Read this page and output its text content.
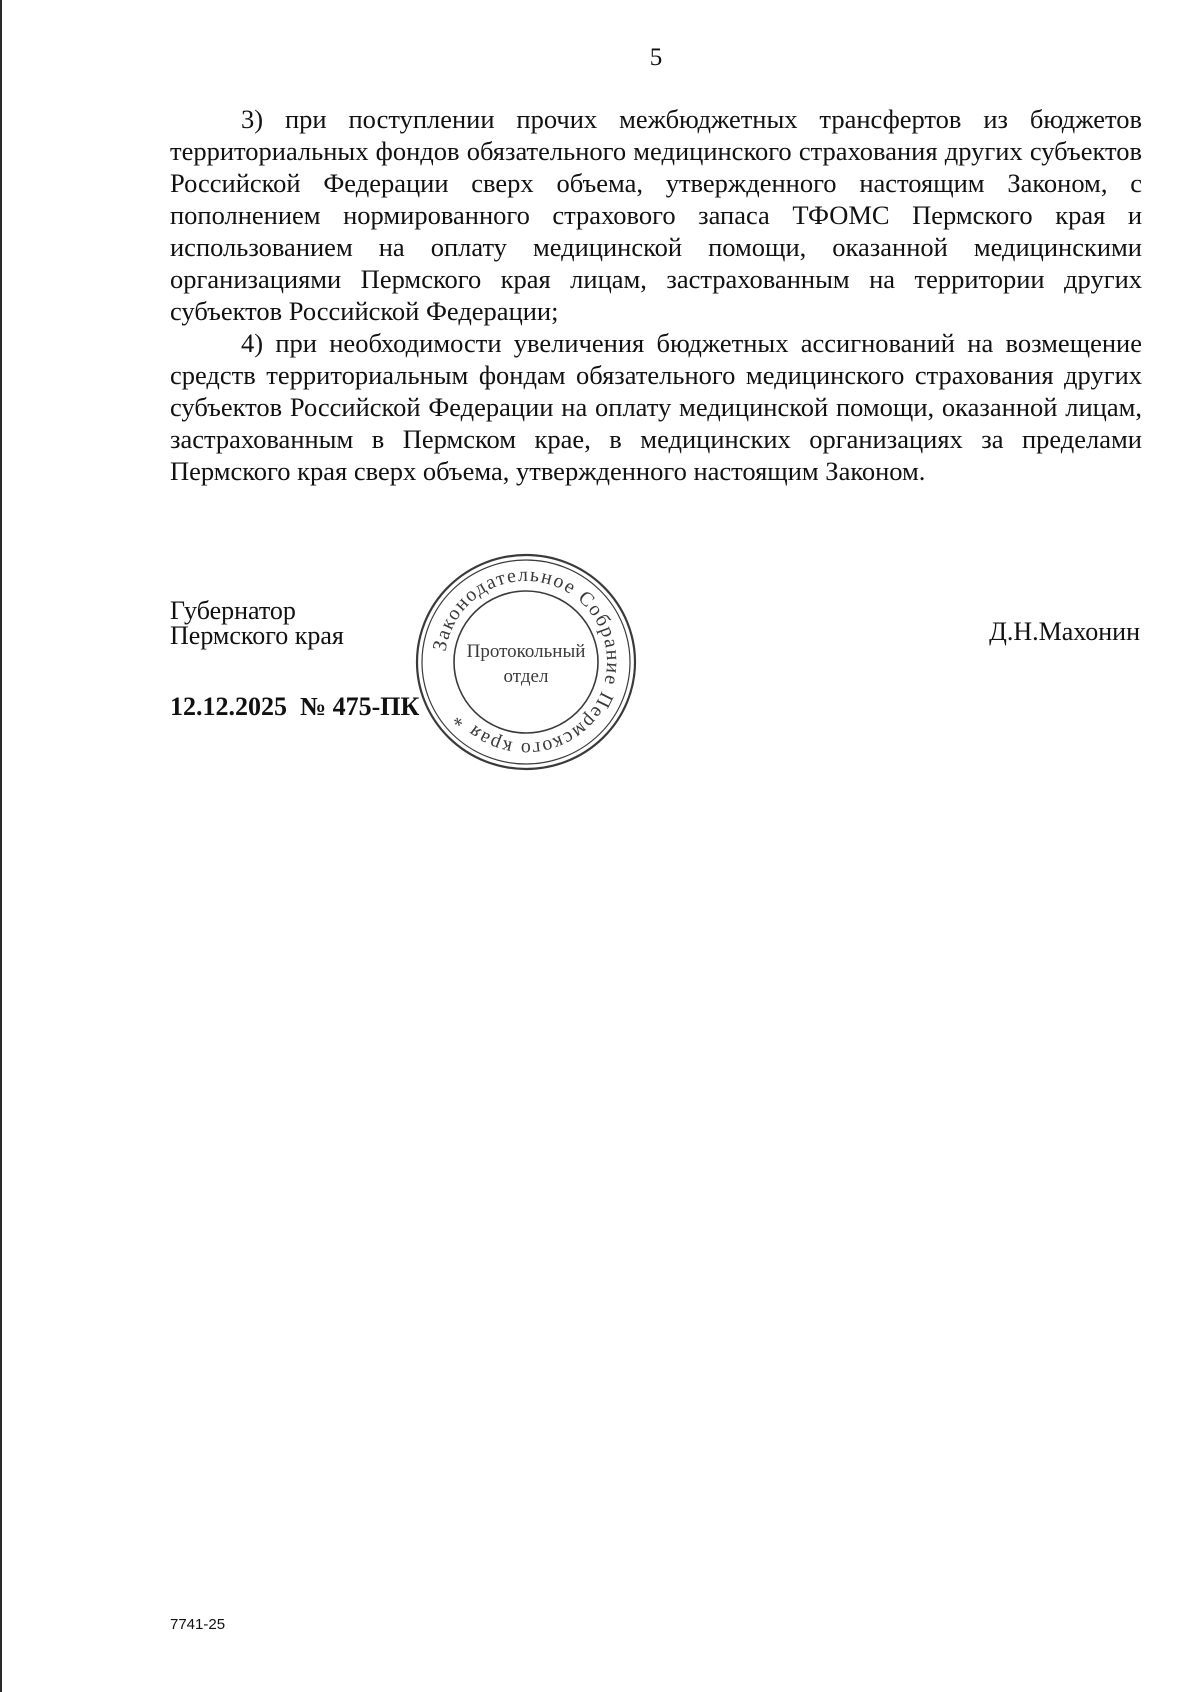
5

3) при поступлении прочих межбюджетных трансфертов из бюджетов территориальных фондов обязательного медицинского страхования других субъектов Российской Федерации сверх объема, утвержденного настоящим Законом, с пополнением нормированного страхового запаса ТФОМС Пермского края и использованием на оплату медицинской помощи, оказанной медицинскими организациями Пермского края лицам, застрахованным на территории других субъектов Российской Федерации;

4) при необходимости увеличения бюджетных ассигнований на возмещение средств территориальным фондам обязательного медицинского страхования других субъектов Российской Федерации на оплату медицинской помощи, оказанной лицам, застрахованным в Пермском крае, в медицинских организациях за пределами Пермского края сверх объема, утвержденного настоящим Законом.

Губернатор
Пермского края	Д.Н.Махонин
12.12.2025 № 475-ПК
Законодательное Собрание Пермского края *
Протокольный
отдел
7741-25
